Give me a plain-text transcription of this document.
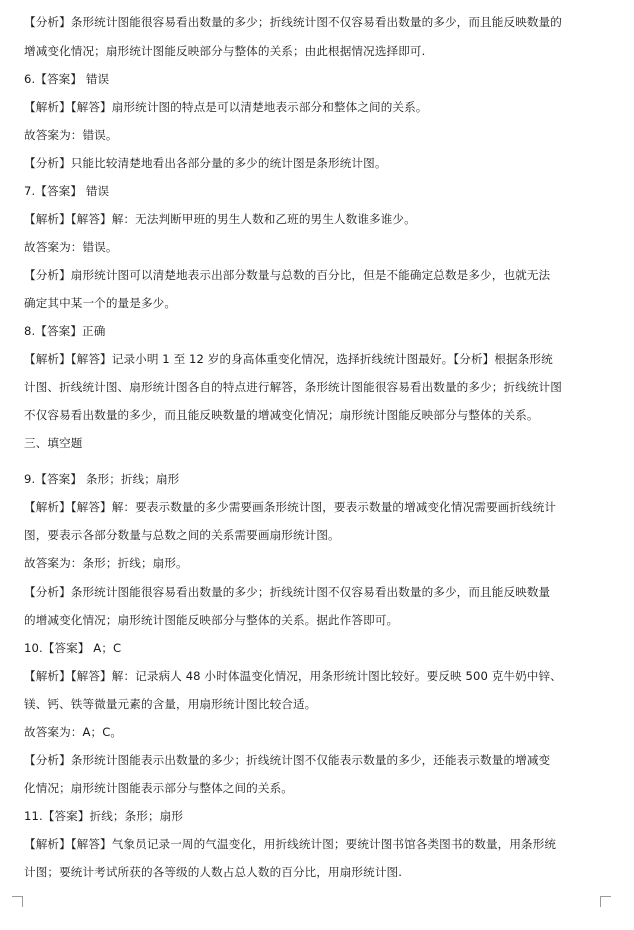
【分析】条形统计图能很容易看出数量的多少；折线统计图不仅容易看出数量的多少，而且能反映数量的
增减变化情况；扇形统计图能反映部分与整体的关系；由此根据情况选择即可.
6.【答案】 错误
【解析】【解答】扇形统计图的特点是可以清楚地表示部分和整体之间的关系。
故答案为：错误。
【分析】只能比较清楚地看出各部分量的多少的统计图是条形统计图。
7.【答案】 错误
【解析】【解答】解：无法判断甲班的男生人数和乙班的男生人数谁多谁少。
故答案为：错误。
【分析】扇形统计图可以清楚地表示出部分数量与总数的百分比，但是不能确定总数是多少，也就无法
确定其中某一个的量是多少。
8.【答案】正确
【解析】【解答】记录小明 1 至 12 岁的身高体重变化情况，选择折线统计图最好。【分析】根据条形统
计图、折线统计图、扇形统计图各自的特点进行解答，条形统计图能很容易看出数量的多少；折线统计图
不仅容易看出数量的多少，而且能反映数量的增减变化情况；扇形统计图能反映部分与整体的关系。
三、填空题
9.【答案】 条形；折线；扇形
【解析】【解答】解：要表示数量的多少需要画条形统计图，要表示数量的增减变化情况需要画折线统计
图，要表示各部分数量与总数之间的关系需要画扇形统计图。
故答案为：条形；折线；扇形。
【分析】条形统计图能很容易看出数量的多少；折线统计图不仅容易看出数量的多少，而且能反映数量
的增减变化情况；扇形统计图能反映部分与整体的关系。据此作答即可。
10.【答案】 A；C
【解析】【解答】解：记录病人 48 小时体温变化情况，用条形统计图比较好。要反映 500 克牛奶中锌、
镁、钙、铁等微量元素的含量，用扇形统计图比较合适。
故答案为：A；C。
【分析】条形统计图能表示出数量的多少；折线统计图不仅能表示数量的多少，还能表示数量的增减变
化情况；扇形统计图能表示部分与整体之间的关系。
11.【答案】折线；条形；扇形
【解析】【解答】气象员记录一周的气温变化，用折线统计图；要统计图书馆各类图书的数量，用条形统
计图；要统计考试所获的各等级的人数占总人数的百分比，用扇形统计图.
